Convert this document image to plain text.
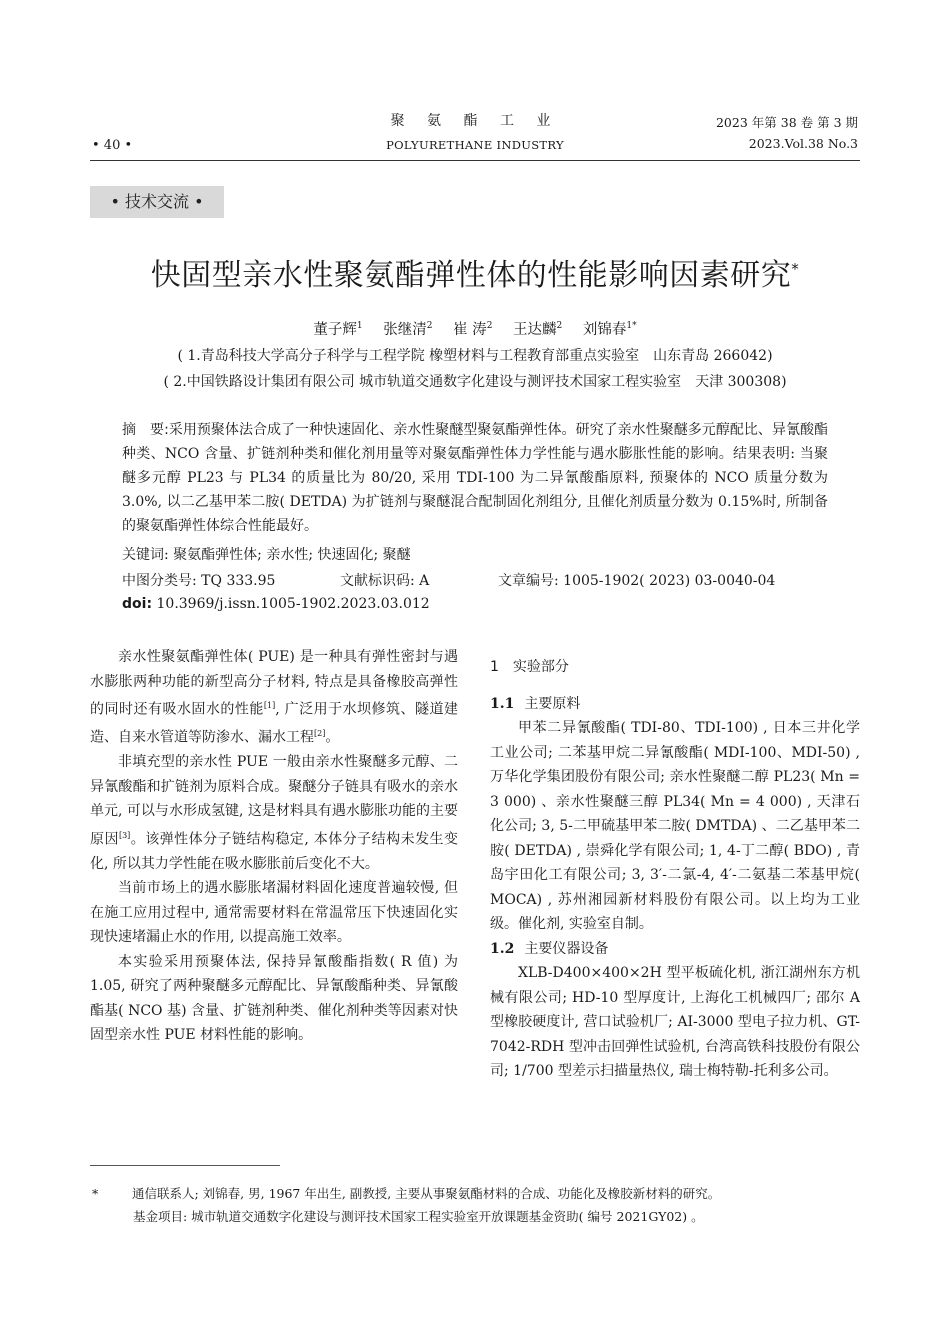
• 40 •
聚 氨 酯 工 业
POLYURETHANE INDUSTRY
2023 年第 38 卷 第 3 期
2023.Vol.38 No.3
• 技术交流 •
快固型亲水性聚氨酯弹性体的性能影响因素研究*
董子辉$^1$ 张继清$^2$ 崔 涛$^2$ 王达麟$^2$ 刘锦春$^{1*}$
( 1.青岛科技大学高分子科学与工程学院 橡塑材料与工程教育部重点实验室　山东青岛 266042)
( 2.中国铁路设计集团有限公司 城市轨道交通数字化建设与测评技术国家工程实验室　天津 300308)
摘　要:采用预聚体法合成了一种快速固化、亲水性聚醚型聚氨酯弹性体。研究了亲水性聚醚多元醇配比、异氰酸酯种类、NCO 含量、扩链剂种类和催化剂用量等对聚氨酯弹性体力学性能与遇水膨胀性能的影响。结果表明: 当聚醚多元醇 PL23 与 PL34 的质量比为 80/20, 采用 TDI-100 为二异氰酸酯原料, 预聚体的 NCO 质量分数为 3.0%, 以二乙基甲苯二胺( DETDA) 为扩链剂与聚醚混合配制固化剂组分, 且催化剂质量分数为 0.15%时, 所制备的聚氨酯弹性体综合性能最好。
关键词: 聚氨酯弹性体; 亲水性; 快速固化; 聚醚
中图分类号: TQ 333.95	文献标识码: A	文章编号: 1005-1902( 2023) 03-0040-04
doi: 10.3969/j.issn.1005-1902.2023.03.012

亲水性聚氨酯弹性体( PUE) 是一种具有弹性密封与遇水膨胀两种功能的新型高分子材料, 特点是具备橡胶高弹性的同时还有吸水固水的性能[1], 广泛用于水坝修筑、隧道建造、自来水管道等防渗水、漏水工程[2]。

非填充型的亲水性 PUE 一般由亲水性聚醚多元醇、二异氰酸酯和扩链剂为原料合成。聚醚分子链具有吸水的亲水单元, 可以与水形成氢键, 这是材料具有遇水膨胀功能的主要原因[3]。该弹性体分子链结构稳定, 本体分子结构未发生变化, 所以其力学性能在吸水膨胀前后变化不大。

当前市场上的遇水膨胀堵漏材料固化速度普遍较慢, 但在施工应用过程中, 通常需要材料在常温常压下快速固化实现快速堵漏止水的作用, 以提高施工效率。

本实验采用预聚体法, 保持异氰酸酯指数( R 值) 为 1.05, 研究了两种聚醚多元醇配比、异氰酸酯种类、异氰酸酯基( NCO 基) 含量、扩链剂种类、催化剂种类等因素对快固型亲水性 PUE 材料性能的影响。

1　实验部分

1.1 主要原料

甲苯二异氰酸酯( TDI-80、TDI-100) , 日本三井化学工业公司; 二苯基甲烷二异氰酸酯( MDI-100、MDI-50) , 万华化学集团股份有限公司; 亲水性聚醚二醇 PL23( Mn = 3 000) 、亲水性聚醚三醇 PL34( Mn = 4 000) , 天津石化公司; 3, 5-二甲硫基甲苯二胺( DMTDA) 、二乙基甲苯二胺( DETDA) , 崇舜化学有限公司; 1, 4-丁二醇( BDO) , 青岛宇田化工有限公司; 3, 3′-二氯-4, 4′-二氨基二苯基甲烷( MOCA) , 苏州湘园新材料股份有限公司。以上均为工业级。催化剂, 实验室自制。

1.2 主要仪器设备

XLB-D400×400×2H 型平板硫化机, 浙江湖州东方机械有限公司; HD-10 型厚度计, 上海化工机械四厂; 邵尔 A 型橡胶硬度计, 营口试验机厂; AI-3000 型电子拉力机、GT-7042-RDH 型冲击回弹性试验机, 台湾高铁科技股份有限公司; 1/700 型差示扫描量热仪, 瑞士梅特勒-托利多公司。

*	通信联系人; 刘锦春, 男, 1967 年出生, 副教授, 主要从事聚氨酯材料的合成、功能化及橡胶新材料的研究。
基金项目: 城市轨道交通数字化建设与测评技术国家工程实验室开放课题基金资助( 编号 2021GY02) 。
